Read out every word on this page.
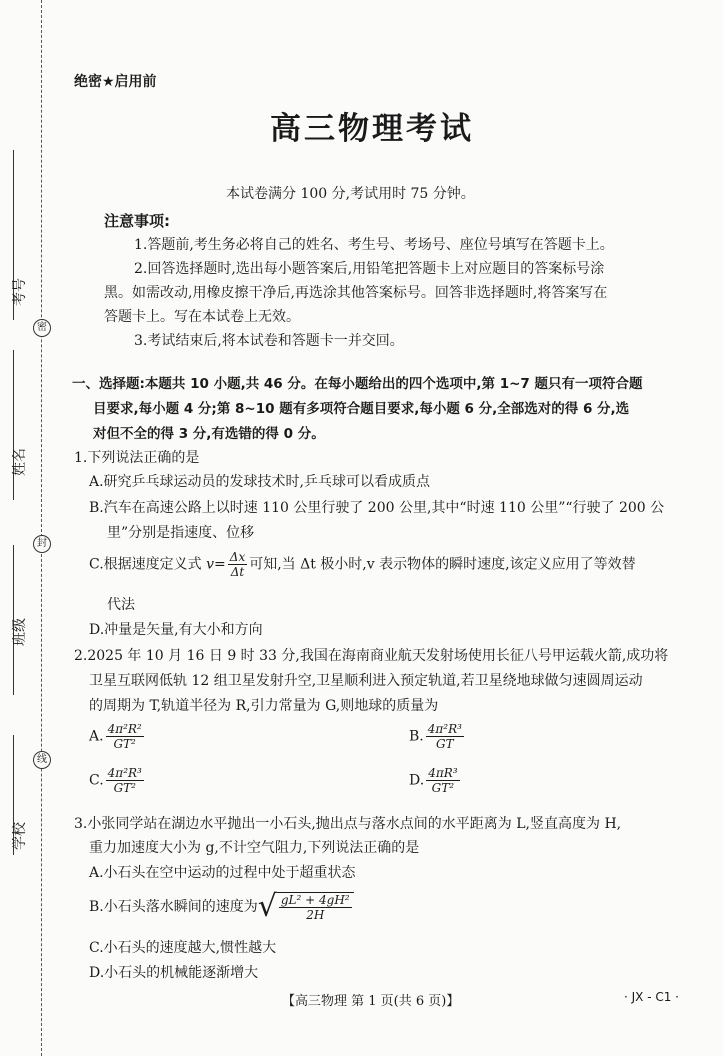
考号
姓名
班级
学校
密
封
线
绝密★启用前
高三物理考试
本试卷满分 100 分,考试用时 75 分钟。
注意事项:
1.答题前,考生务必将自己的姓名、考生号、考场号、座位号填写在答题卡上。
2.回答选择题时,选出每小题答案后,用铅笔把答题卡上对应题目的答案标号涂
黑。如需改动,用橡皮擦干净后,再选涂其他答案标号。回答非选择题时,将答案写在
答题卡上。写在本试卷上无效。
3.考试结束后,将本试卷和答题卡一并交回。
一、选择题:本题共 10 小题,共 46 分。在每小题给出的四个选项中,第 1~7 题只有一项符合题
目要求,每小题 4 分;第 8~10 题有多项符合题目要求,每小题 6 分,全部选对的得 6 分,选
对但不全的得 3 分,有选错的得 0 分。
1.下列说法正确的是
A.研究乒乓球运动员的发球技术时,乒乓球可以看成质点
B.汽车在高速公路上以时速 110 公里行驶了 200 公里,其中“时速 110 公里”“行驶了 200 公
里”分别是指速度、位移
C.根据速度定义式 $v= \frac{\Delta x}{\Delta t}$ 可知,当 Δt 极小时,v 表示物体的瞬时速度,该定义应用了等效替
代法
D.冲量是矢量,有大小和方向
2.2025 年 10 月 16 日 9 时 33 分,我国在海南商业航天发射场使用长征八号甲运载火箭,成功将
卫星互联网低轨 12 组卫星发射升空,卫星顺利进入预定轨道,若卫星绕地球做匀速圆周运动
的周期为 T,轨道半径为 R,引力常量为 G,则地球的质量为
A. $\frac{\text{4π²R²}}{\text{GT²}}$	B. $\frac{\text{4π²R³}}{GT}$
C. $\frac{\text{4π²R³}}{\text{GT²}}$	D. $\frac{\text{4πR³}}{\text{GT²}}$
3.小张同学站在湖边水平抛出一小石头,抛出点与落水点间的水平距离为 L,竖直高度为 H,
重力加速度大小为 g,不计空气阻力,下列说法正确的是
A.小石头在空中运动的过程中处于超重状态
B.小石头落水瞬间的速度为 √ $\frac{\text{gL² + 4gH²}}{2H}$
C.小石头的速度越大,惯性越大
D.小石头的机械能逐渐增大
【高三物理 第 1 页(共 6 页)】	· JX - C1 ·
